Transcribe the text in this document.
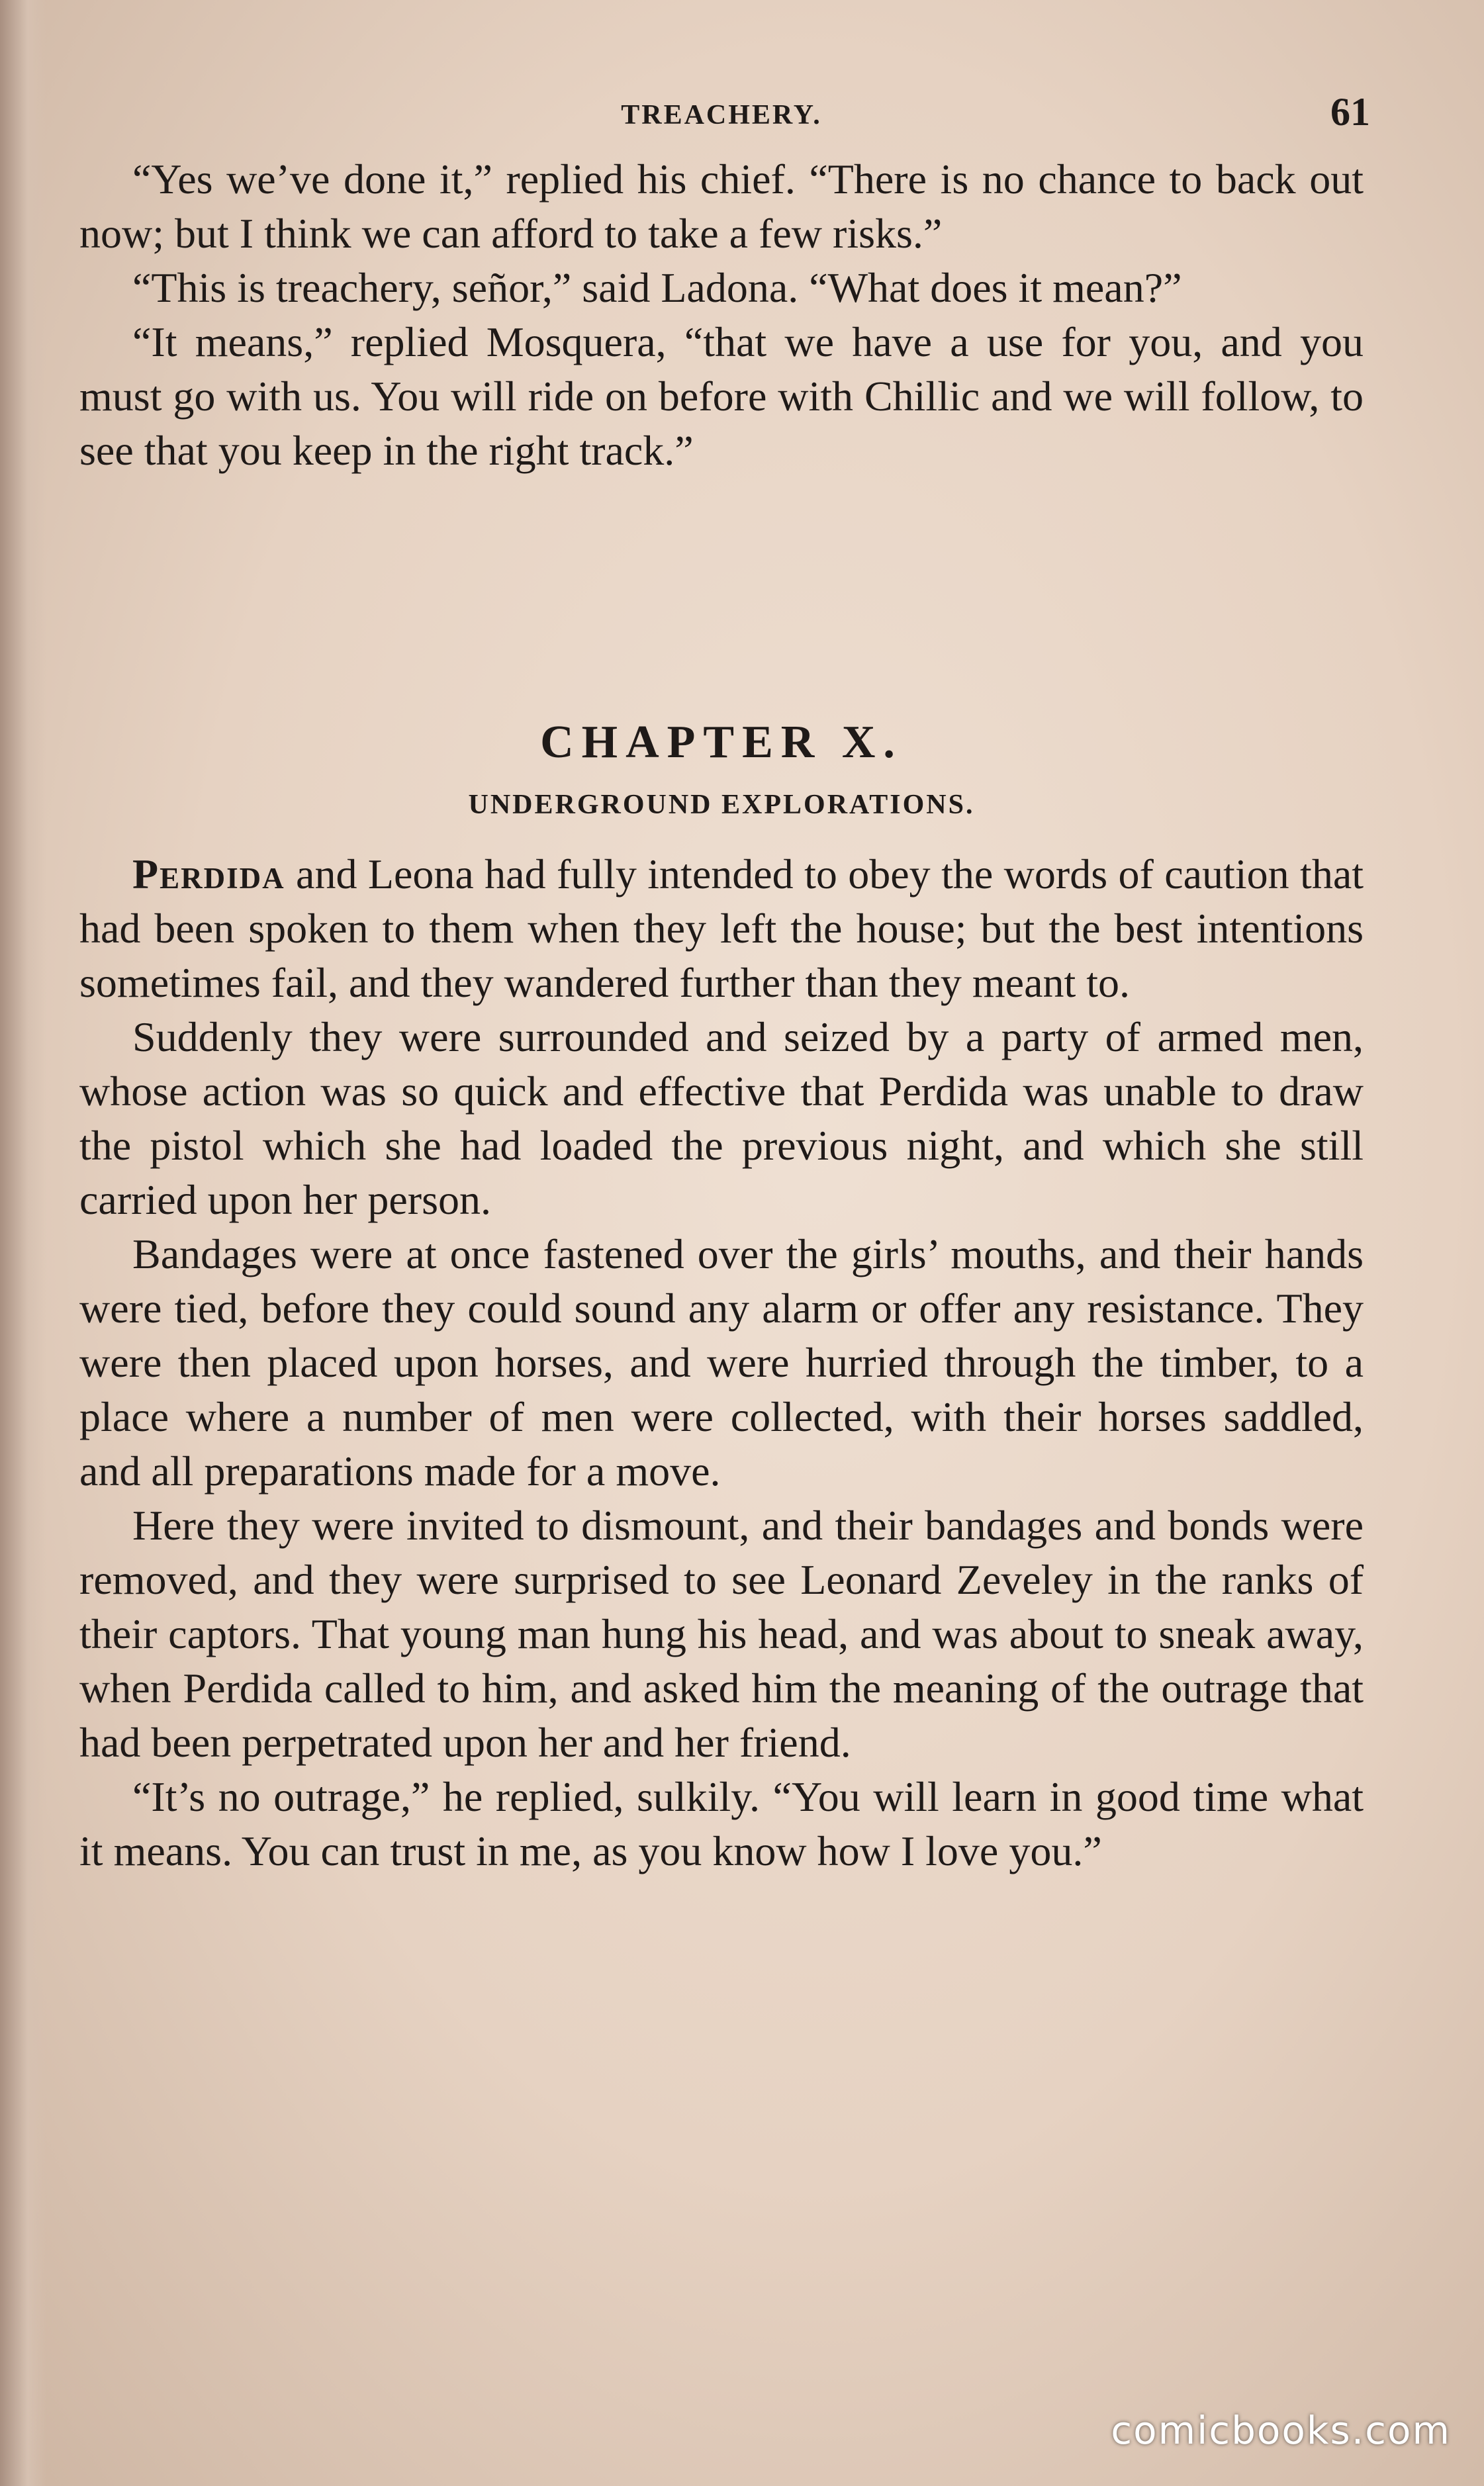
TREACHERY.	61

“Yes we’ve done it,” replied his chief. “There is no chance to back out now; but I think we can afford to take a few risks.”

“This is treachery, señor,” said Ladona. “What does it mean?”

“It means,” replied Mosquera, “that we have a use for you, and you must go with us. You will ride on before with Chillic and we will follow, to see that you keep in the right track.”

CHAPTER X.
UNDERGROUND EXPLORATIONS.

Perdida and Leona had fully intended to obey the words of caution that had been spoken to them when they left the house; but the best intentions sometimes fail, and they wandered further than they meant to.

Suddenly they were surrounded and seized by a party of armed men, whose action was so quick and effective that Perdida was unable to draw the pistol which she had loaded the previous night, and which she still carried upon her person.

Bandages were at once fastened over the girls’ mouths, and their hands were tied, before they could sound any alarm or offer any resistance. They were then placed upon horses, and were hurried through the timber, to a place where a number of men were collected, with their horses saddled, and all preparations made for a move.

Here they were invited to dismount, and their bandages and bonds were removed, and they were surprised to see Leonard Zeveley in the ranks of their captors. That young man hung his head, and was about to sneak away, when Perdida called to him, and asked him the meaning of the outrage that had been perpetrated upon her and her friend.

“It’s no outrage,” he replied, sulkily. “You will learn in good time what it means. You can trust in me, as you know how I love you.”

comicbooks.com
